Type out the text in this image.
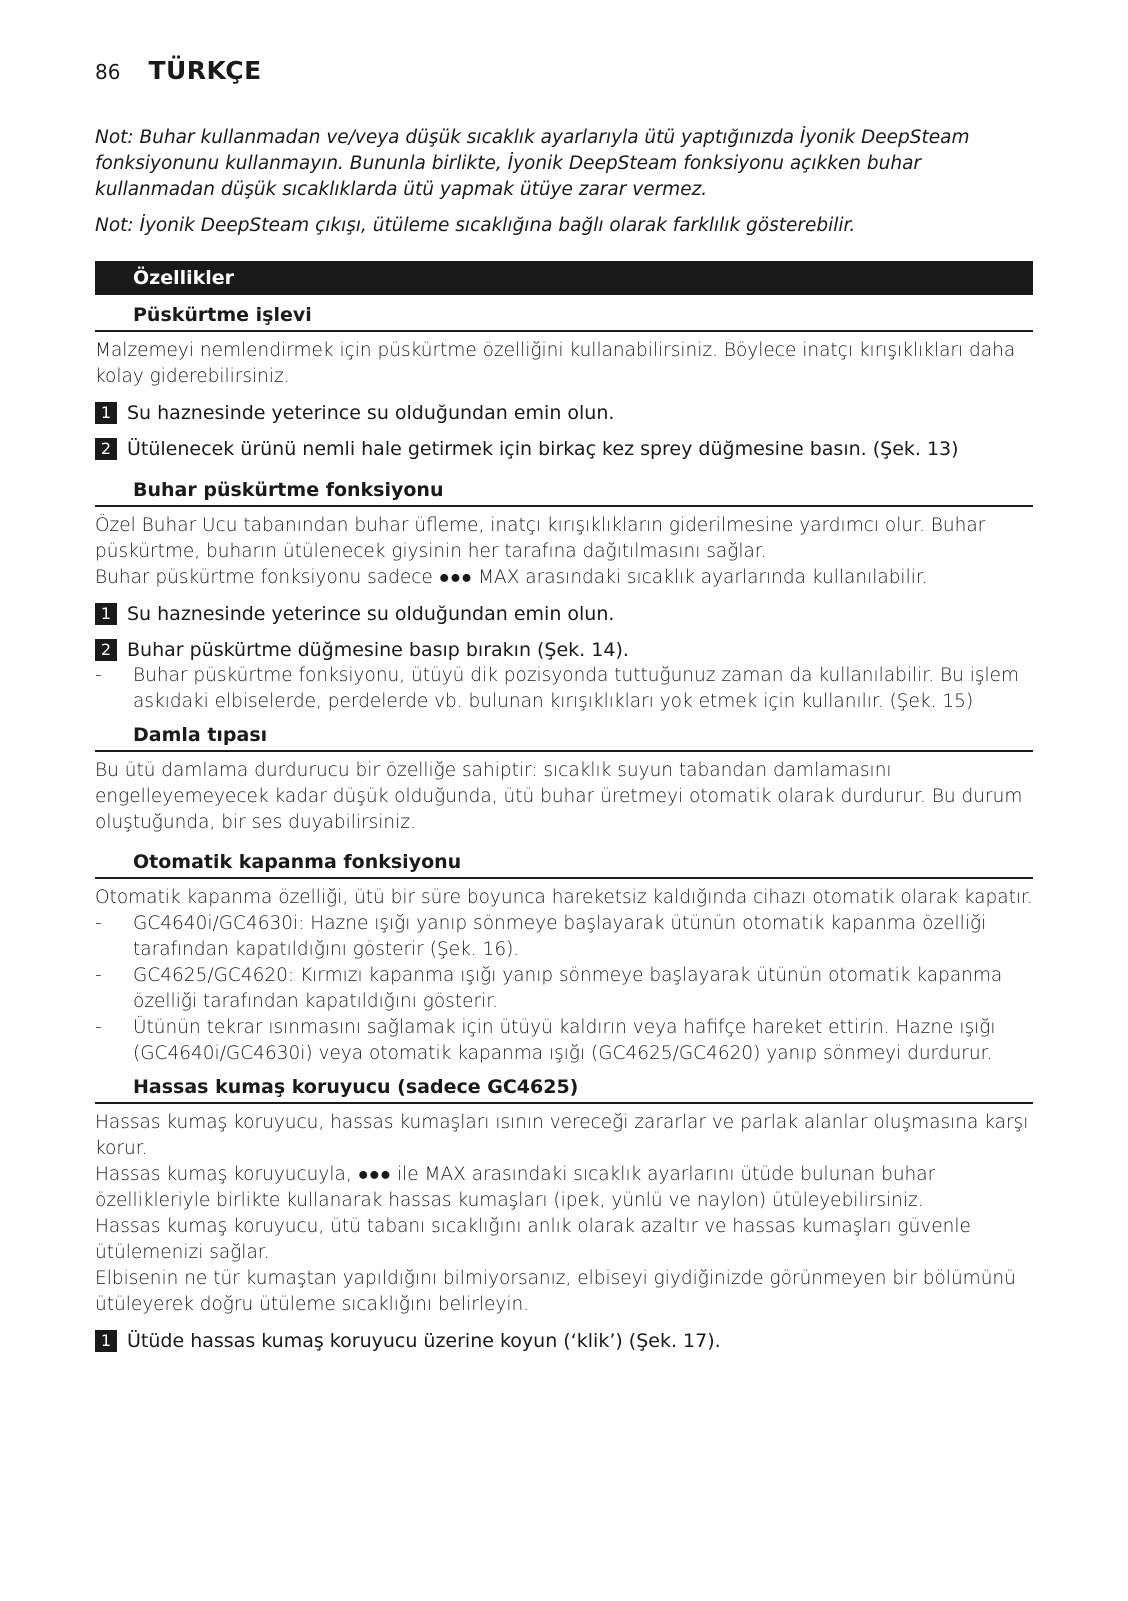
86 TÜRKÇE

Not: Buhar kullanmadan ve/veya düşük sıcaklık ayarlarıyla ütü yaptığınızda İyonik DeepSteam fonksiyonunu kullanmayın. Bununla birlikte, İyonik DeepSteam fonksiyonu açıkken buhar kullanmadan düşük sıcaklıklarda ütü yapmak ütüye zarar vermez.

Not: İyonik DeepSteam çıkışı, ütüleme sıcaklığına bağlı olarak farklılık gösterebilir.

Özellikler
Püskürtme işlevi

Malzemeyi nemlendirmek için püskürtme özelliğini kullanabilirsiniz. Böylece inatçı kırışıklıkları daha kolay giderebilirsiniz.

1 Su haznesinde yeterince su olduğundan emin olun.
2 Ütülenecek ürünü nemli hale getirmek için birkaç kez sprey düğmesine basın. (Şek. 13)
Buhar püskürtme fonksiyonu

Özel Buhar Ucu tabanından buhar üfleme, inatçı kırışıklıkların giderilmesine yardımcı olur. Buhar püskürtme, buharın ütülenecek giysinin her tarafına dağıtılmasını sağlar.

Buhar püskürtme fonksiyonu sadece ●●● MAX arasındaki sıcaklık ayarlarında kullanılabilir.

1 Su haznesinde yeterince su olduğundan emin olun.
2 Buhar püskürtme düğmesine basıp bırakın (Şek. 14).
-	Buhar püskürtme fonksiyonu, ütüyü dik pozisyonda tuttuğunuz zaman da kullanılabilir. Bu işlem askıdaki elbiselerde, perdelerde vb. bulunan kırışıklıkları yok etmek için kullanılır. (Şek. 15)
Damla tıpası

Bu ütü damlama durdurucu bir özelliğe sahiptir: sıcaklık suyun tabandan damlamasını engelleyemeyecek kadar düşük olduğunda, ütü buhar üretmeyi otomatik olarak durdurur. Bu durum oluştuğunda, bir ses duyabilirsiniz.

Otomatik kapanma fonksiyonu

Otomatik kapanma özelliği, ütü bir süre boyunca hareketsiz kaldığında cihazı otomatik olarak kapatır.

-	GC4640i/GC4630i: Hazne ışığı yanıp sönmeye başlayarak ütünün otomatik kapanma özelliği tarafından kapatıldığını gösterir (Şek. 16).
-	GC4625/GC4620: Kırmızı kapanma ışığı yanıp sönmeye başlayarak ütünün otomatik kapanma özelliği tarafından kapatıldığını gösterir.
-	Ütünün tekrar ısınmasını sağlamak için ütüyü kaldırın veya hafifçe hareket ettirin. Hazne ışığı (GC4640i/GC4630i) veya otomatik kapanma ışığı (GC4625/GC4620) yanıp sönmeyi durdurur.
Hassas kumaş koruyucu (sadece GC4625)

Hassas kumaş koruyucu, hassas kumaşları ısının vereceği zararlar ve parlak alanlar oluşmasına karşı korur.

Hassas kumaş koruyucuyla, ●●● ile MAX arasındaki sıcaklık ayarlarını ütüde bulunan buhar özellikleriyle birlikte kullanarak hassas kumaşları (ipek, yünlü ve naylon) ütüleyebilirsiniz.

Hassas kumaş koruyucu, ütü tabanı sıcaklığını anlık olarak azaltır ve hassas kumaşları güvenle ütülemenizi sağlar.

Elbisenin ne tür kumaştan yapıldığını bilmiyorsanız, elbiseyi giydiğinizde görünmeyen bir bölümünü ütüleyerek doğru ütüleme sıcaklığını belirleyin.

1 Ütüde hassas kumaş koruyucu üzerine koyun (‘klik’) (Şek. 17).
